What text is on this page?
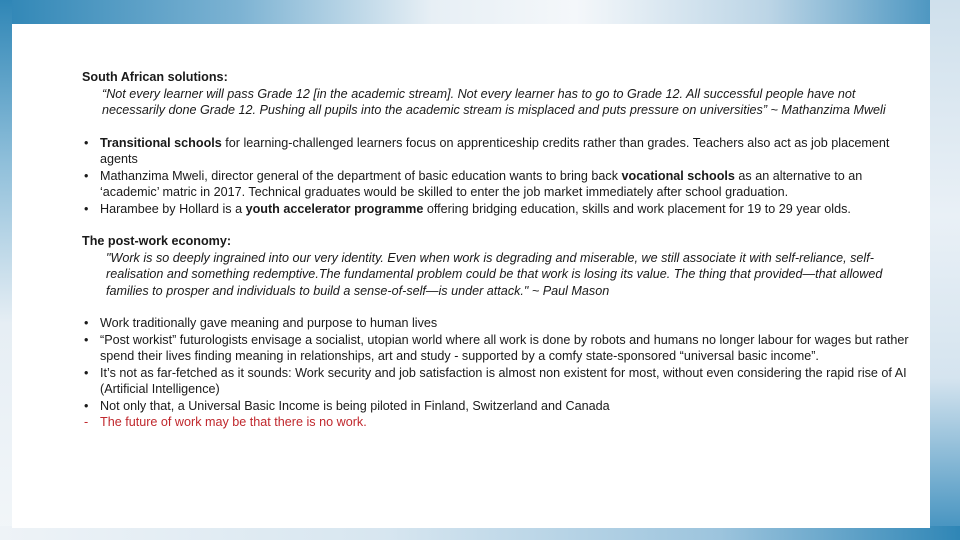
South African solutions:

“Not every learner will pass Grade 12 [in the academic stream]. Not every learner has to go to Grade 12. All successful people have not necessarily done Grade 12. Pushing all pupils into the academic stream is misplaced and puts pressure on universities” ~ Mathanzima Mweli

• Transitional schools for learning-challenged learners focus on apprenticeship credits rather than grades. Teachers also act as job placement agents
• Mathanzima Mweli, director general of the department of basic education wants to bring back vocational schools as an alternative to an ‘academic’ matric in 2017. Technical graduates would be skilled to enter the job market immediately after school graduation.
• Harambee by Hollard is a youth accelerator programme offering bridging education, skills and work placement for 19 to 29 year olds.

The post-work economy:

"Work is so deeply ingrained into our very identity. Even when work is degrading and miserable, we still associate it with self-reliance, self-realisation and something redemptive.The fundamental problem could be that work is losing its value. The thing that provided—that allowed families to prosper and individuals to build a sense-of-self—is under attack." ~ Paul Mason

• Work traditionally gave meaning and purpose to human lives
• “Post workist” futurologists envisage a socialist, utopian world where all work is done by robots and humans no longer labour for wages but rather spend their lives finding meaning in relationships, art and study - supported by a comfy state-sponsored “universal basic income”.
• It’s not as far-fetched as it sounds: Work security and job satisfaction is almost non existent for most, without even considering the rapid rise of AI (Artificial Intelligence)
• Not only that, a Universal Basic Income is being piloted in Finland, Switzerland and Canada
- The future of work may be that there is no work.
